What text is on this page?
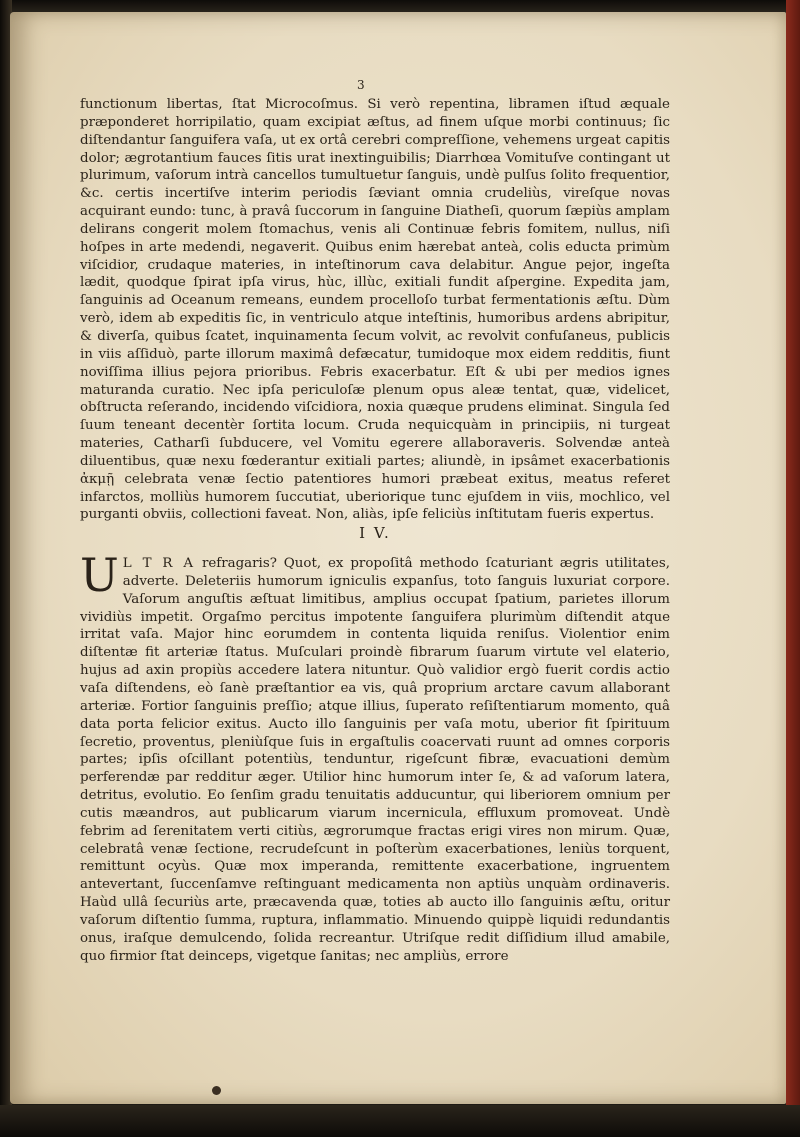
3

functionum libertas, ſtat Microcoſmus. Si verò repentina, libramen iſtud æquale præponderet horripilatio, quam excipiat æſtus, ad finem uſque morbi continuus; ſic diſtendantur ſanguifera vaſa, ut ex ortâ cerebri compreſſione, vehemens urgeat capitis dolor; ægrotantium fauces ſitis urat inextinguibilis; Diarrhœa Vomituſve contingant ut plurimum, vaſorum intrà cancellos tumultuetur ſanguis, undè pulſus ſolito frequentior, &c. certis incertiſve interim periodis ſæviant omnia crudeliùs, vireſque novas acquirant eundo: tunc, à pravâ ſuccorum in ſanguine Diatheſi, quorum ſæpiùs amplam delirans congerit molem ſtomachus, venis ali Continuæ febris fomitem, nullus, niſi hoſpes in arte medendi, negaverit. Quibus enim hærebat anteà, colis educta primùm viſcidior, crudaque materies, in inteſtinorum cava delabitur. Angue pejor, ingeſta lædit, quodque ſpirat ipſa virus, hùc, illùc, exitiali fundit aſpergine. Expedita jam, ſanguinis ad Oceanum remeans, eundem procelloſo turbat fermentationis æſtu. Dùm verò, idem ab expeditis ſic, in ventriculo atque inteſtinis, humoribus ardens abripitur, & diverſa, quibus ſcatet, inquinamenta ſecum volvit, ac revolvit confuſaneus, publicis in viis aſſiduò, parte illorum maximâ defæcatur, tumidoque mox eidem redditis, fiunt noviſſima illius pejora prioribus. Febris exacerbatur. Eſt & ubi per medios ignes maturanda curatio. Nec ipſa periculoſæ plenum opus aleæ tentat, quæ, videlicet, obſtructa reſerando, incidendo viſcidiora, noxia quæque prudens eliminat. Singula ſed ſuum teneant decentèr ſortita locum. Cruda nequicquàm in principiis, ni turgeat materies, Catharſi ſubducere, vel Vomitu egerere allaboraveris. Solvendæ anteà diluentibus, quæ nexu fœderantur exitiali partes; aliundè, in ipsâmet exacerbationis ἀκμῇ celebrata venæ ſectio patentiores humori præbeat exitus, meatus referet infarctos, molliùs humorem ſuccutiat, uberiorique tunc ejuſdem in viis, mochlico, vel purganti obviis, collectioni faveat. Non, aliàs, ipſe feliciùs inſtitutam fueris expertus.

I V.

U L T R A refragaris? Quot, ex propoſitâ methodo ſcaturiant ægris utilitates, adverte. Deleteriis humorum igniculis expanſus, toto ſanguis luxuriat corpore. Vaſorum anguſtis æſtuat limitibus, amplius occupat ſpatium, parietes illorum vividiùs impetit. Orgaſmo percitus impotente ſanguifera plurimùm diſtendit atque irritat vaſa. Major hinc eorumdem in contenta liquida reniſus. Violentior enim diſtentæ fit arteriæ ſtatus. Muſculari proindè fibrarum ſuarum virtute vel elaterio, hujus ad axin propiùs accedere latera nituntur. Quò validior ergò fuerit cordis actio vaſa diſtendens, eò ſanè præſtantior ea vis, quâ proprium arctare cavum allaborant arteriæ. Fortior ſanguinis preſſio; atque illius, ſuperato reſiſtentiarum momento, quâ data porta felicior exitus. Aucto illo ſanguinis per vaſa motu, uberior fit ſpirituum ſecretio, proventus, pleniùſque ſuis in ergaſtulis coacervati ruunt ad omnes corporis partes; ipſis oſcillant potentiùs, tenduntur, rigeſcunt fibræ, evacuationi demùm perferendæ par redditur æger. Utilior hinc humorum inter ſe, & ad vaſorum latera, detritus, evolutio. Eo ſenſim gradu tenuitatis adducuntur, qui liberiorem omnium per cutis mæandros, aut publicarum viarum incernicula, effluxum promoveat. Undè febrim ad ſerenitatem verti citiùs, ægrorumque fractas erigi vires non mirum. Quæ, celebratâ venæ ſectione, recrudeſcunt in poſterùm exacerbationes, leniùs torquent, remittunt ocyùs. Quæ mox imperanda, remittente exacerbatione, ingruentem antevertant, ſuccenſamve reſtinguant medicamenta non aptiùs unquàm ordinaveris. Haùd ullâ ſecuriùs arte, præcavenda quæ, toties ab aucto illo ſanguinis æſtu, oritur vaſorum diſtentio ſumma, ruptura, inflammatio. Minuendo quippè liquidi redundantis onus, iraſque demulcendo, ſolida recreantur. Utriſque redit diſſidium illud amabile, quo firmior ſtat deinceps, vigetque ſanitas; nec ampliùs, errore
